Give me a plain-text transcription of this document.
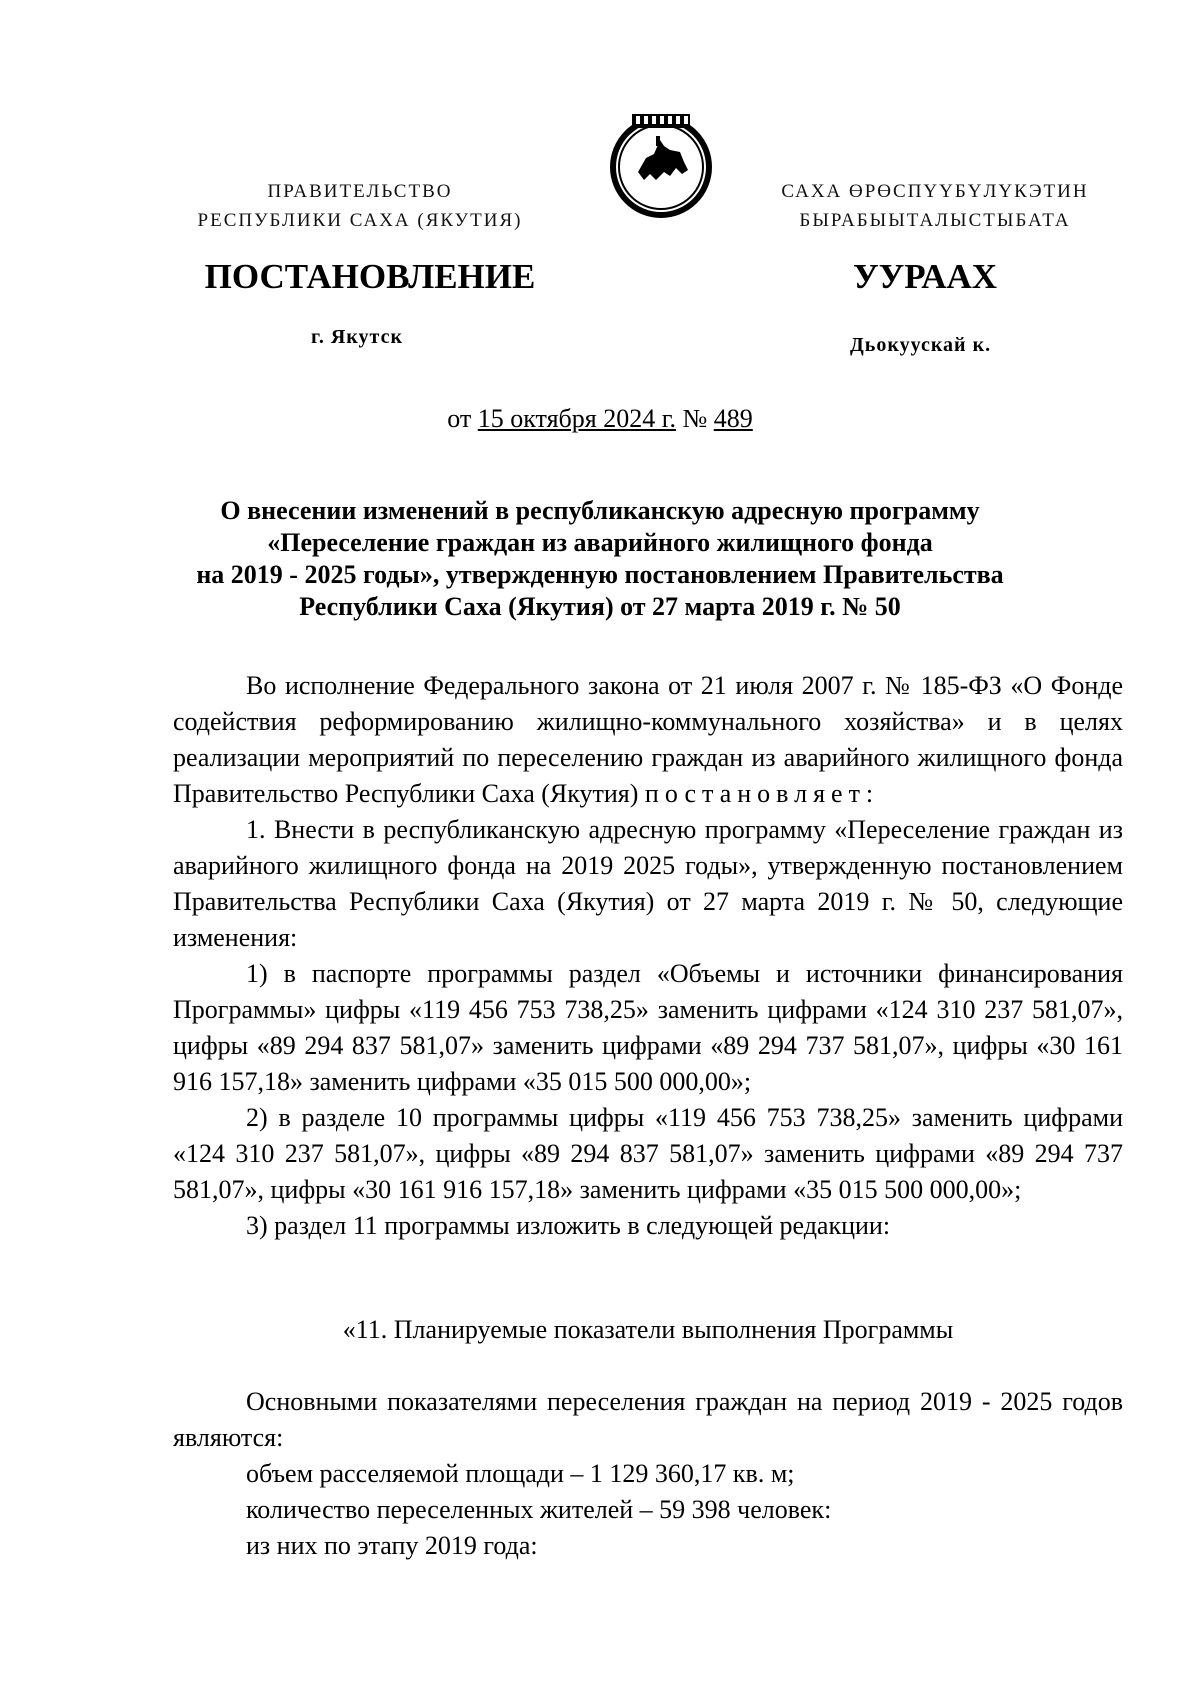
ПРАВИТЕЛЬСТВО
РЕСПУБЛИКИ САХА (ЯКУТИЯ)
САХА ӨРӨСПҮҮБҮЛҮКЭТИН
БЫРАБЫЫТАЛЫСТЫБАТА
ПОСТАНОВЛЕНИЕ	УУРААХ
г. Якутск	Дьокуускай к.
от 15 октября 2024 г. № 489
О внесении изменений в республиканскую адресную программу
«Переселение граждан из аварийного жилищного фонда
на 2019 - 2025 годы», утвержденную постановлением Правительства
Республики Саха (Якутия) от 27 марта 2019 г. № 50

Во исполнение Федерального закона от 21 июля 2007 г. № 185-ФЗ «О Фонде содействия реформированию жилищно-коммунального хозяйства» и в целях реализации мероприятий по переселению граждан из аварийного жилищного фонда Правительство Республики Саха (Якутия) постановляет:

1. Внести в республиканскую адресную программу «Переселение граждан из аварийного жилищного фонда на 2019 2025 годы», утвержденную постановлением Правительства Республики Саха (Якутия) от 27 марта 2019 г. № 50, следующие изменения:

1) в паспорте программы раздел «Объемы и источники финансирования Программы» цифры «119 456 753 738,25» заменить цифрами «124 310 237 581,07», цифры «89 294 837 581,07» заменить цифрами «89 294 737 581,07», цифры «30 161 916 157,18» заменить цифрами «35 015 500 000,00»;

2) в разделе 10 программы цифры «119 456 753 738,25» заменить цифрами «124 310 237 581,07», цифры «89 294 837 581,07» заменить цифрами «89 294 737 581,07», цифры «30 161 916 157,18» заменить цифрами «35 015 500 000,00»;

3) раздел 11 программы изложить в следующей редакции:

«11. Планируемые показатели выполнения Программы

Основными показателями переселения граждан на период 2019 - 2025 годов являются:

объем расселяемой площади – 1 129 360,17 кв. м;

количество переселенных жителей – 59 398 человек:

из них по этапу 2019 года:
